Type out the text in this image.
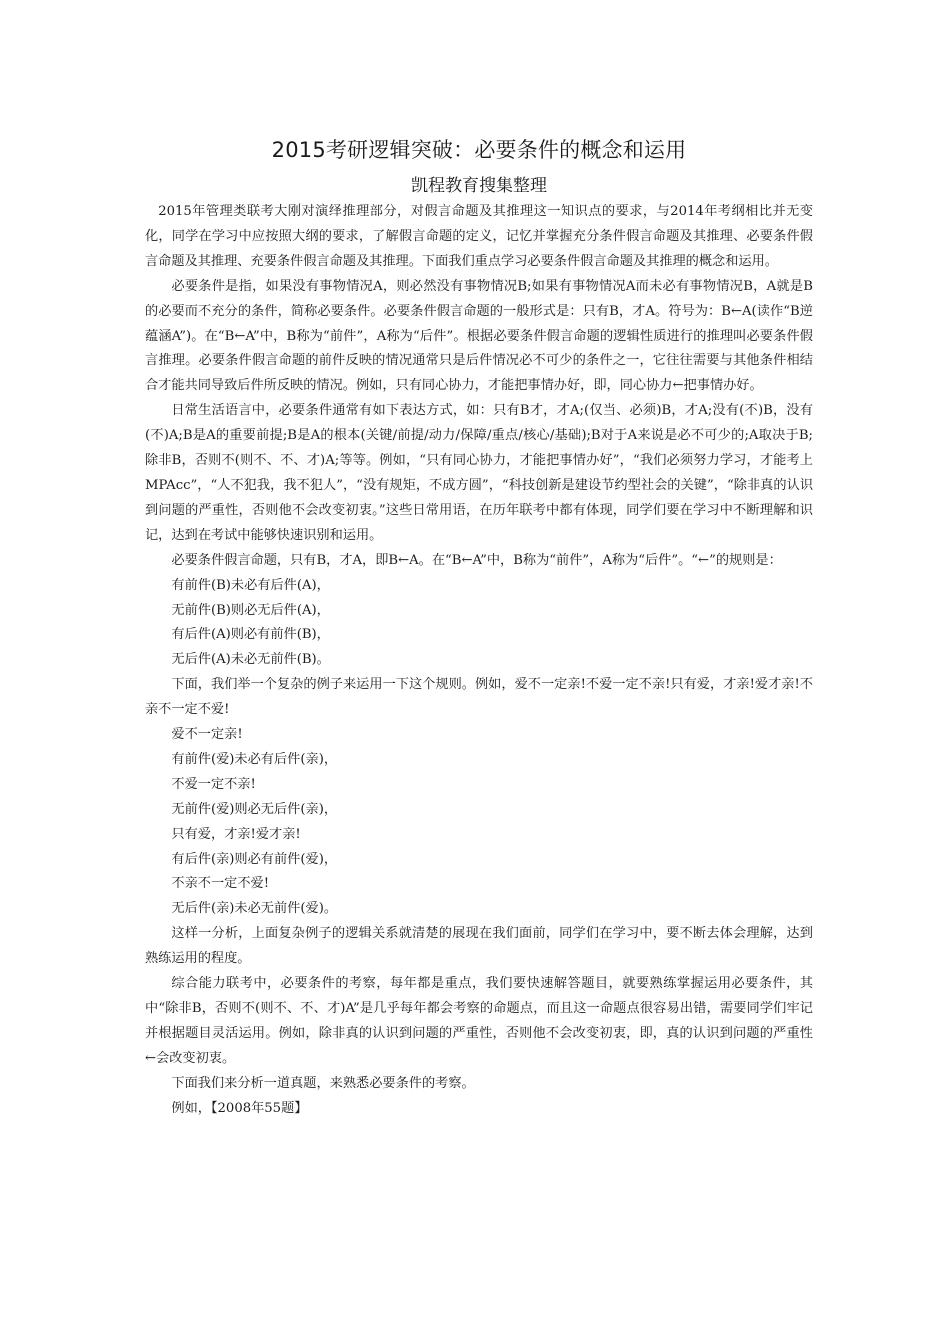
2015考研逻辑突破：必要条件的概念和运用
凯程教育搜集整理

2015年管理类联考大刚对演绎推理部分，对假言命题及其推理这一知识点的要求，与2014年考纲相比并无变化，同学在学习中应按照大纲的要求，了解假言命题的定义，记忆并掌握充分条件假言命题及其推理、必要条件假言命题及其推理、充要条件假言命题及其推理。下面我们重点学习必要条件假言命题及其推理的概念和运用。

必要条件是指，如果没有事物情况A，则必然没有事物情况B;如果有事物情况A而未必有事物情况B，A就是B的必要而不充分的条件，简称必要条件。必要条件假言命题的一般形式是：只有B，才A。符号为：B←A(读作“B逆蕴涵A”)。在“B←A”中，B称为“前件”，A称为“后件”。根据必要条件假言命题的逻辑性质进行的推理叫必要条件假言推理。必要条件假言命题的前件反映的情况通常只是后件情况必不可少的条件之一，它往往需要与其他条件相结合才能共同导致后件所反映的情况。例如，只有同心协力，才能把事情办好，即，同心协力←把事情办好。

日常生活语言中，必要条件通常有如下表达方式，如：只有B才，才A;(仅当、必须)B，才A;没有(不)B，没有(不)A;B是A的重要前提;B是A的根本(关键/前提/动力/保障/重点/核心/基础);B对于A来说是必不可少的;A取决于B;除非B，否则不(则不、不、才)A;等等。例如，“只有同心协力，才能把事情办好”，“我们必须努力学习，才能考上MPAcc”，“人不犯我，我不犯人”，“没有规矩，不成方圆”，“科技创新是建设节约型社会的关键”，“除非真的认识到问题的严重性，否则他不会改变初衷。”这些日常用语，在历年联考中都有体现，同学们要在学习中不断理解和识记，达到在考试中能够快速识别和运用。

必要条件假言命题，只有B，才A，即B←A。在“B←A”中，B称为“前件”，A称为“后件”。“←”的规则是：

有前件(B)未必有后件(A)，

无前件(B)则必无后件(A)，

有后件(A)则必有前件(B)，

无后件(A)未必无前件(B)。

下面，我们举一个复杂的例子来运用一下这个规则。例如，爱不一定亲!不爱一定不亲!只有爱，才亲!爱才亲!不亲不一定不爱!

爱不一定亲!

有前件(爱)未必有后件(亲)，

不爱一定不亲!

无前件(爱)则必无后件(亲)，

只有爱，才亲!爱才亲!

有后件(亲)则必有前件(爱)，

不亲不一定不爱!

无后件(亲)未必无前件(爱)。

这样一分析，上面复杂例子的逻辑关系就清楚的展现在我们面前，同学们在学习中，要不断去体会理解，达到熟练运用的程度。

综合能力联考中，必要条件的考察，每年都是重点，我们要快速解答题目，就要熟练掌握运用必要条件，其中“除非B，否则不(则不、不、才)A”是几乎每年都会考察的命题点，而且这一命题点很容易出错，需要同学们牢记并根据题目灵活运用。例如，除非真的认识到问题的严重性，否则他不会改变初衷，即，真的认识到问题的严重性←会改变初衷。

下面我们来分析一道真题，来熟悉必要条件的考察。

例如，【2008年55题】
